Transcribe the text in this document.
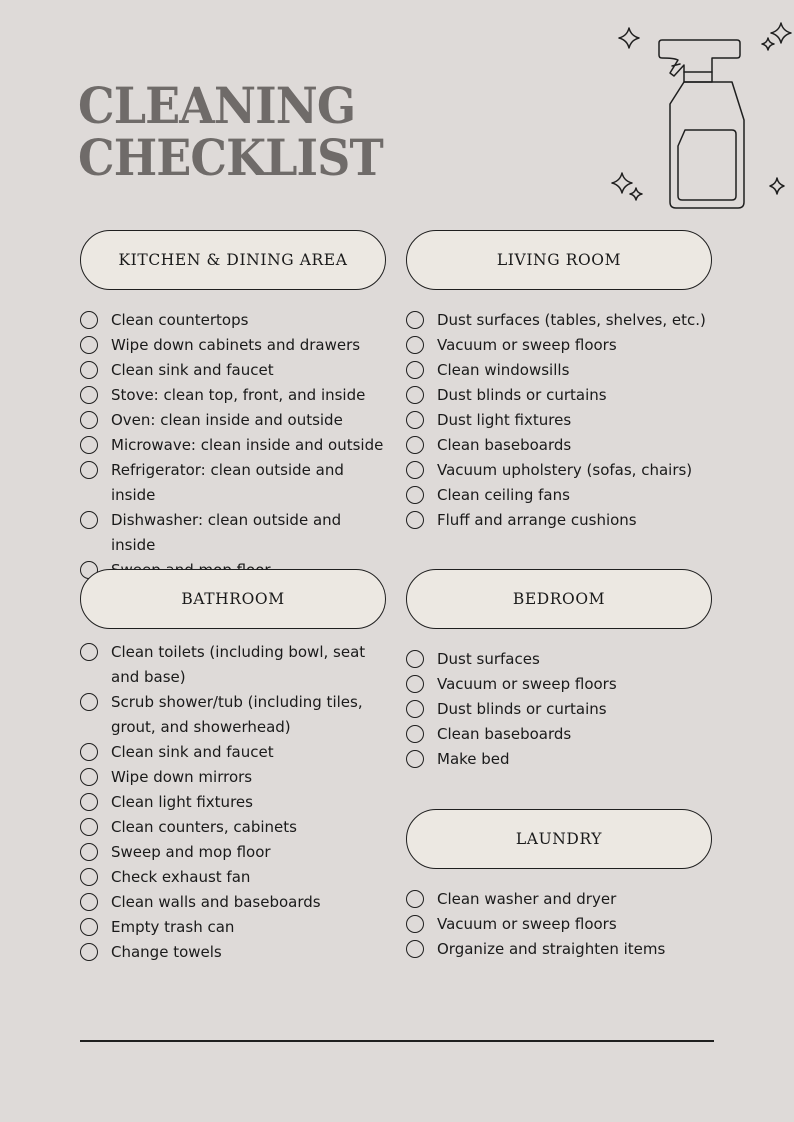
CLEANING
CHECKLIST
KITCHEN & DINING AREA
Clean countertops
Wipe down cabinets and drawers
Clean sink and faucet
Stove: clean top, front, and inside
Oven: clean inside and outside
Microwave: clean inside and outside
Refrigerator: clean outside and inside
Dishwasher: clean outside and inside
LIVING ROOM
Dust surfaces (tables, shelves, etc.)
Vacuum or sweep floors
Clean windowsills
Dust blinds or curtains
Dust light fixtures
Clean baseboards
Vacuum upholstery (sofas, chairs)
Clean ceiling fans
Fluff and arrange cushions
BATHROOM
Clean toilets (including bowl, seat and base)
Scrub shower/tub (including tiles, grout, and showerhead)
Clean sink and faucet
Wipe down mirrors
Clean light fixtures
Clean counters, cabinets
Sweep and mop floor
Check exhaust fan
Clean walls and baseboards
Empty trash can
Change towels
BEDROOM
Dust surfaces
Vacuum or sweep floors
Dust blinds or curtains
Clean baseboards
Make bed
LAUNDRY
Clean washer and dryer
Vacuum or sweep floors
Organize and straighten items
